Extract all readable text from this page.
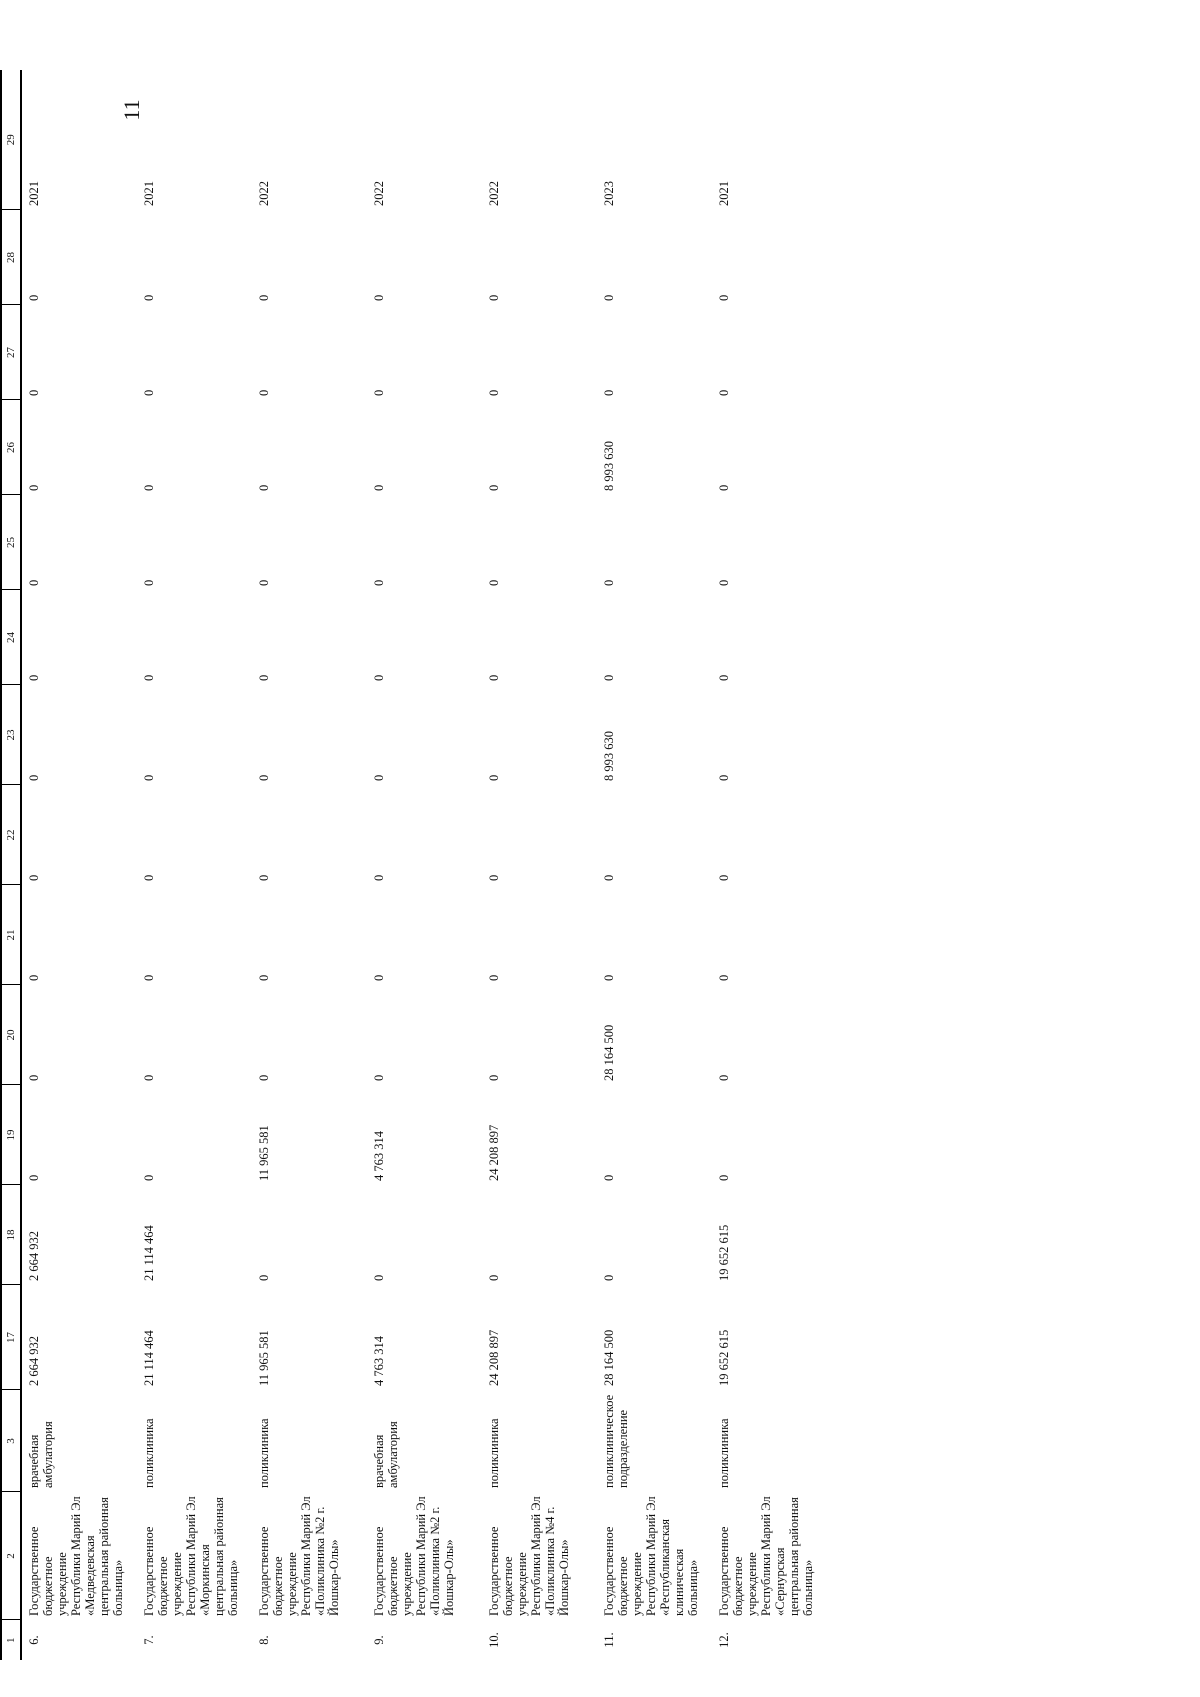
11
1	2	3	17	18	19	20	21	22	23	24	25	26	27	28	29
6.	Государственное бюджетное учреждение Республики Марий Эл «Медведевская центральная районная больница»	врачебная амбулатория	2 664 932	2 664 932	0	0	0	0	0	0	0	0	0	0	2021
7.	Государственное бюджетное учреждение Республики Марий Эл «Моркинская центральная районная больница»	поликлиника	21 114 464	21 114 464	0	0	0	0	0	0	0	0	0	0	2021
8.	Государственное бюджетное учреждение Республики Марий Эл «Поликлиника №2 г. Йошкар-Олы»	поликлиника	11 965 581	0	11 965 581	0	0	0	0	0	0	0	0	0	2022
9.	Государственное бюджетное учреждение Республики Марий Эл «Поликлиника №2 г. Йошкар-Олы»	врачебная амбулатория	4 763 314	0	4 763 314	0	0	0	0	0	0	0	0	0	2022
10.	Государственное бюджетное учреждение Республики Марий Эл «Поликлиника №4 г. Йошкар-Олы»	поликлиника	24 208 897	0	24 208 897	0	0	0	0	0	0	0	0	0	2022
11.	Государственное бюджетное учреждение Республики Марий Эл «Республиканская клиническая больница»	поликлиническое подразделение	28 164 500	0	0	28 164 500	0	0	8 993 630	0	0	8 993 630	0	0	2023
12.	Государственное бюджетное учреждение Республики Марий Эл «Сернурская центральная районная больница»	поликлиника	19 652 615	19 652 615	0	0	0	0	0	0	0	0	0	0	2021
